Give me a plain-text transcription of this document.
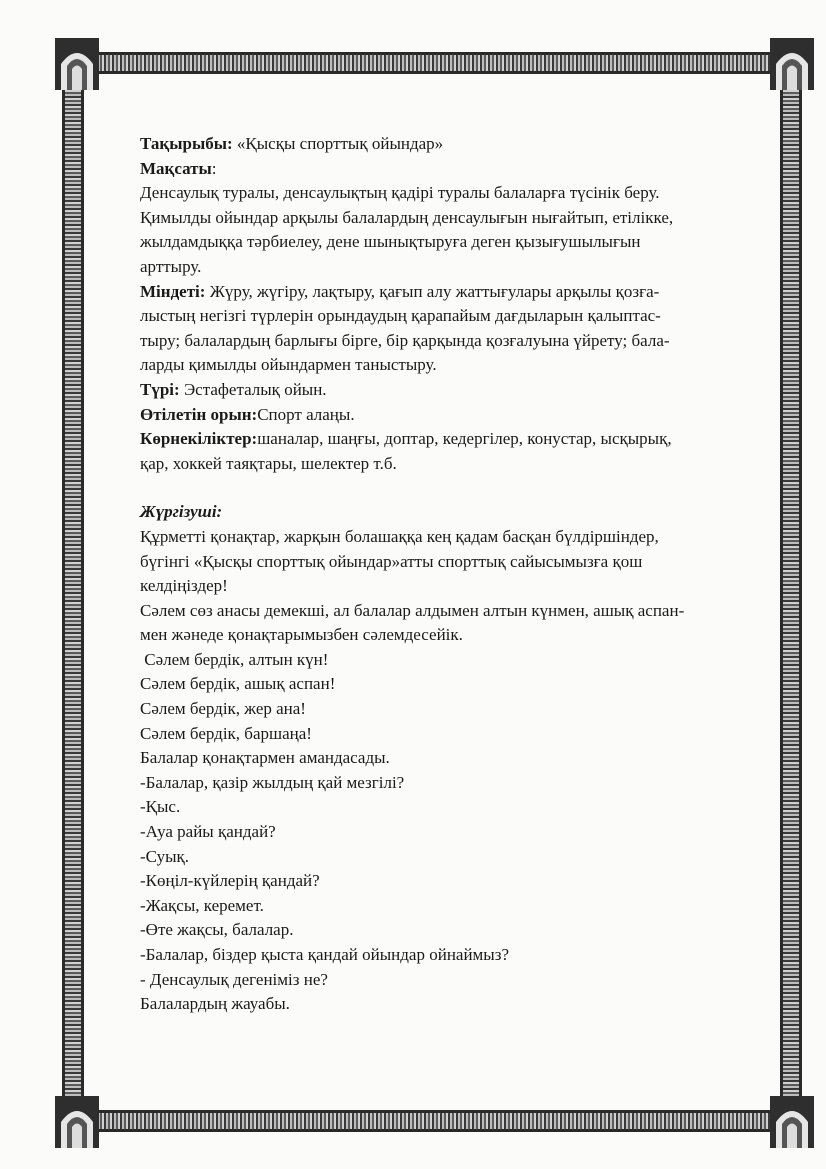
Тақырыбы: «Қысқы спорттық ойындар»

Мақсаты:

Денсаулық туралы, денсаулықтың қадірі туралы балаларға түсінік беру.

Қимылды ойындар арқылы балалардың денсаулығын нығайтып, етілікке,

жылдамдыққа тәрбиелеу, дене шынықтыруға деген қызығушылығын

арттыру.

Міндеті: Жүру, жүгіру, лақтыру, қағып алу жаттығулары арқылы қозға-

лыстың негізгі түрлерін орындаудың қарапайым дағдыларын қалыптас-

тыру; балалардың барлығы бірге, бір қарқында қозғалуына үйрету; бала-

ларды қимылды ойындармен таныстыру.

Түрі: Эстафеталық ойын.

Өтілетін орын:Спорт алаңы.

Көрнекіліктер:шаналар, шаңғы, доптар, кедергілер, конустар, ысқырық,

қар, хоккей таяқтары, шелектер т.б.

Жүргізуші:

Құрметті қонақтар, жарқын болашаққа кең қадам басқан бүлдіршіндер,

бүгінгі «Қысқы спорттық ойындар»атты спорттық сайысымызға қош

келдіңіздер!

Сәлем сөз анасы демекші, ал балалар алдымен алтын күнмен, ашық аспан-

мен жәнеде қонақтарымызбен сәлемдесейік.

Сәлем бердік, алтын күн!

Сәлем бердік, ашық аспан!

Сәлем бердік, жер ана!

Сәлем бердік, баршаңа!

Балалар қонақтармен амандасады.

-Балалар, қазір жылдың қай мезгілі?

-Қыс.

-Ауа райы қандай?

-Суық.

-Көңіл-күйлерің қандай?

-Жақсы, керемет.

-Өте жақсы, балалар.

-Балалар, біздер қыста қандай ойындар ойнаймыз?

- Денсаулық дегеніміз не?

Балалардың жауабы.
